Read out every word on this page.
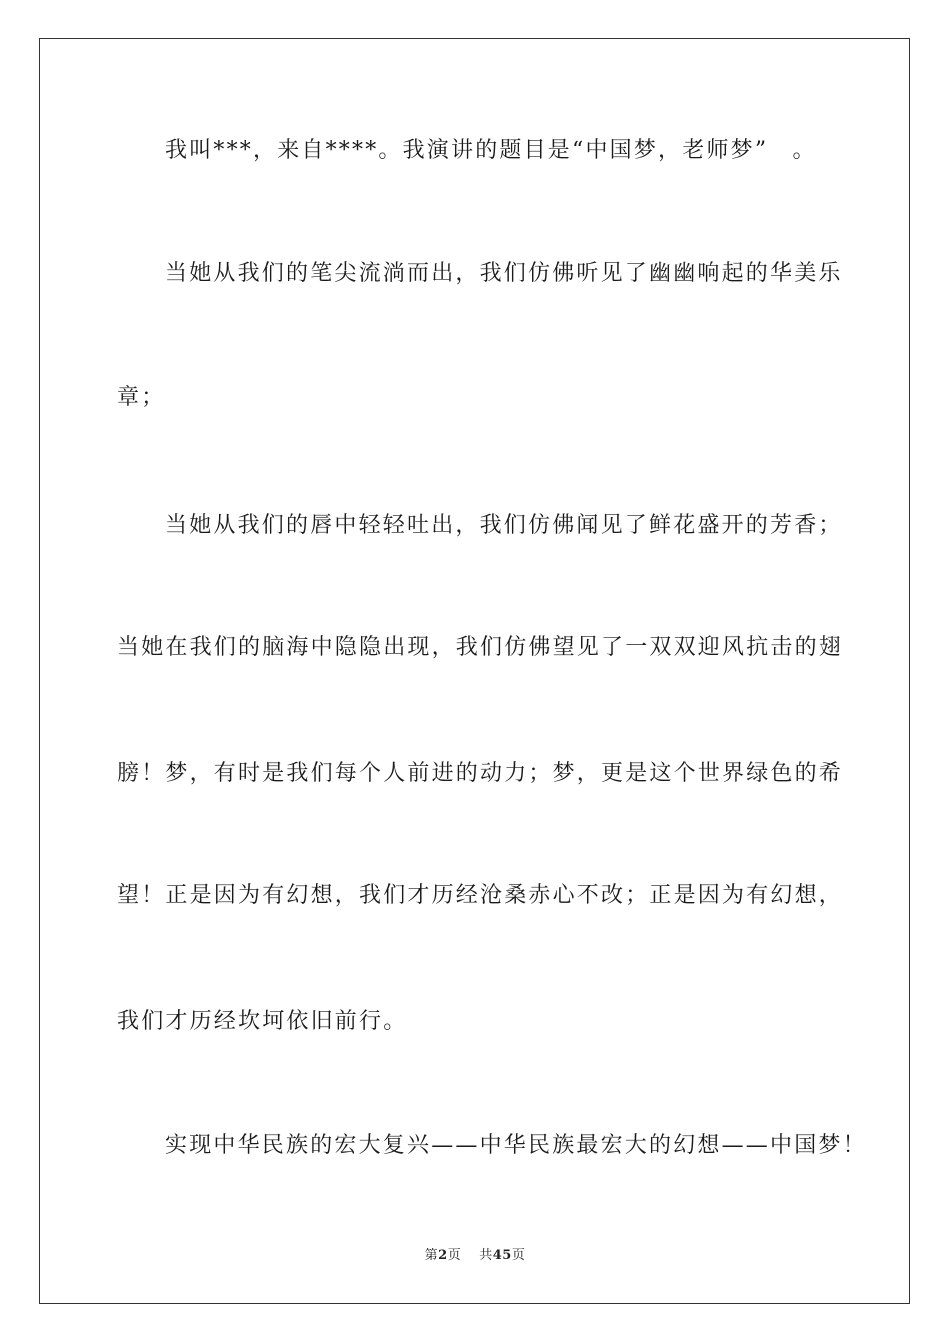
我叫***，来自****。我演讲的题目是“中国梦，老师梦”　。
当她从我们的笔尖流淌而出，我们仿佛听见了幽幽响起的华美乐
章；
当她从我们的唇中轻轻吐出，我们仿佛闻见了鲜花盛开的芳香；
当她在我们的脑海中隐隐出现，我们仿佛望见了一双双迎风抗击的翅
膀！梦，有时是我们每个人前进的动力；梦，更是这个世界绿色的希
望！正是因为有幻想，我们才历经沧桑赤心不改；正是因为有幻想，
我们才历经坎坷依旧前行。
实现中华民族的宏大复兴——中华民族最宏大的幻想——中国梦！
第2页 共45页
